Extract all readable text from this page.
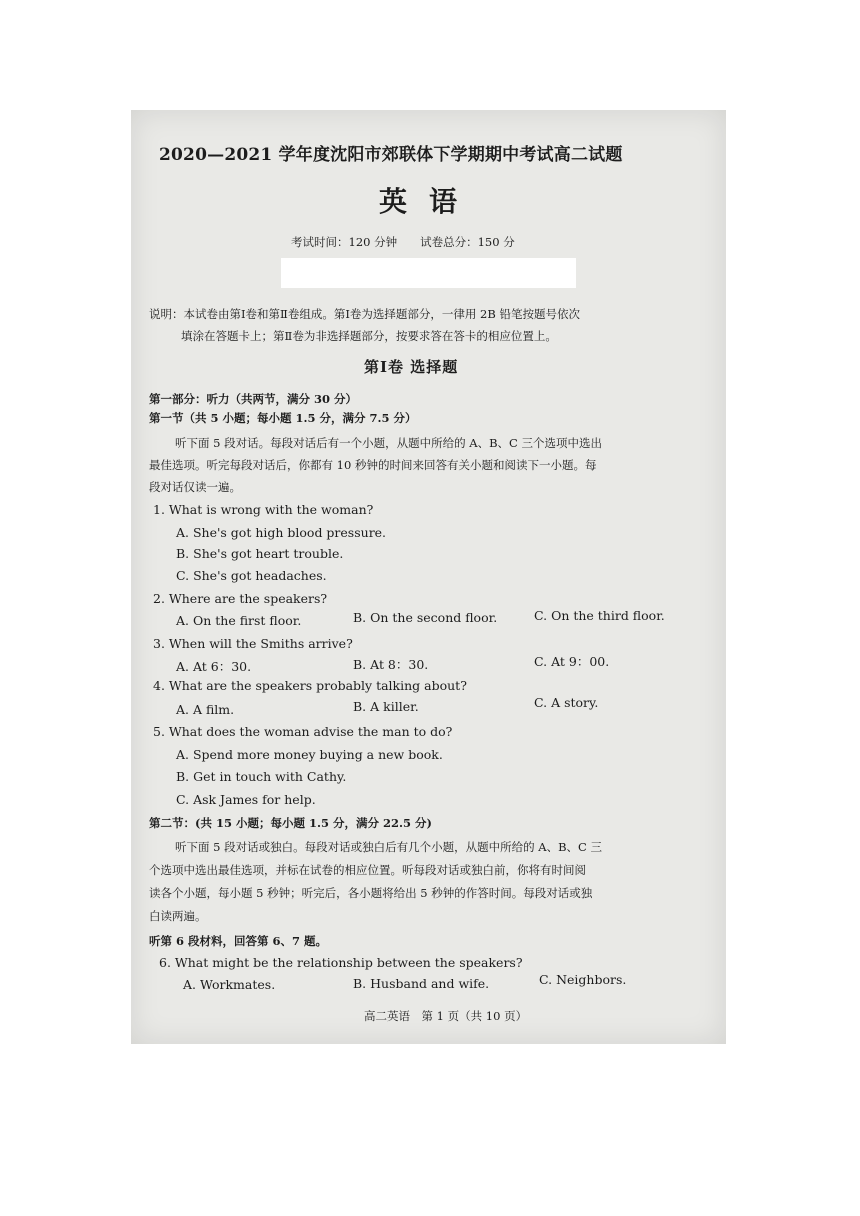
2020—2021 学年度沈阳市郊联体下学期期中考试高二试题
英语
考试时间：120 分钟　　试卷总分：150 分
说明：本试卷由第Ⅰ卷和第Ⅱ卷组成。第Ⅰ卷为选择题部分，一律用 2B 铅笔按题号依次
填涂在答题卡上；第Ⅱ卷为非选择题部分，按要求答在答卡的相应位置上。
第Ⅰ卷 选择题
第一部分：听力（共两节，满分 30 分）
第一节（共 5 小题；每小题 1.5 分，满分 7.5 分）
听下面 5 段对话。每段对话后有一个小题，从题中所给的 A、B、C 三个选项中选出
最佳选项。听完每段对话后，你都有 10 秒钟的时间来回答有关小题和阅读下一小题。每
段对话仅读一遍。
1. What is wrong with the woman?
A. She's got high blood pressure.
B. She's got heart trouble.
C. She's got headaches.
2. Where are the speakers?
A. On the first floor.	B. On the second floor.	C. On the third floor.
3. When will the Smiths arrive?
A. At 6：30.	B. At 8：30.	C. At 9：00.
4. What are the speakers probably talking about?
A. A film.	B. A killer.	C. A story.
5. What does the woman advise the man to do?
A. Spend more money buying a new book.
B. Get in touch with Cathy.
C. Ask James for help.
第二节：(共 15 小题；每小题 1.5 分，满分 22.5 分)
听下面 5 段对话或独白。每段对话或独白后有几个小题，从题中所给的 A、B、C 三
个选项中选出最佳选项，并标在试卷的相应位置。听每段对话或独白前，你将有时间阅
读各个小题，每小题 5 秒钟；听完后，各小题将给出 5 秒钟的作答时间。每段对话或独
白读两遍。
听第 6 段材料，回答第 6、7 题。
6. What might be the relationship between the speakers?
A. Workmates.	B. Husband and wife.	C. Neighbors.
高二英语　第 1 页（共 10 页）
